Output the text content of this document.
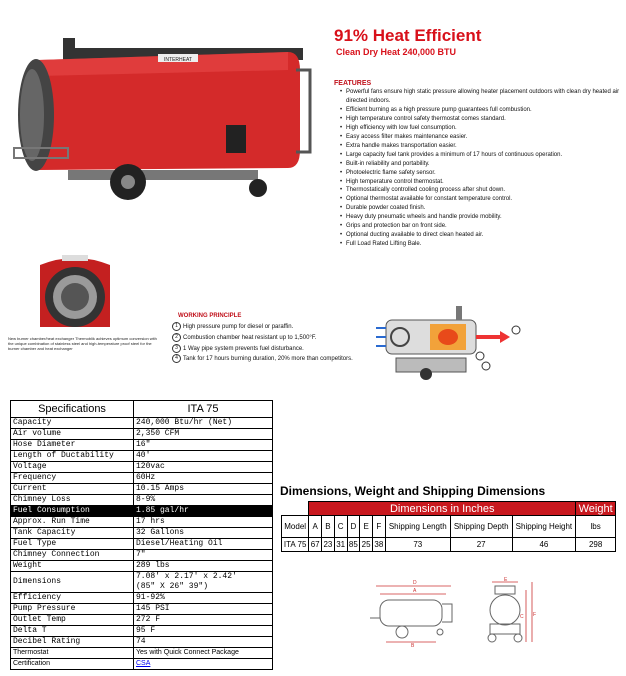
INTERHEAT
91% Heat Efficient
Clean Dry Heat 240,000 BTU
FEATURES
• Powerful fans ensure high static pressure allowing heater placement outdoors with clean dry heated air directed indoors.
• Efficient burning as a high pressure pump guarantees full combustion.
• High temperature control safety thermostat comes standard.
• High efficiency with low fuel consumption.
• Easy access filter makes maintenance easier.
• Extra handle makes transportation easier.
• Large capacity fuel tank provides a minimum of 17 hours of continuous operation.
• Built-in reliability and portability.
• Photoelectric flame safety sensor.
• High temperature control thermostat.
• Thermostatically controlled cooling process after shut down.
• Optional thermostat available for constant temperature control.
• Durable powder coated finish.
• Heavy duty pneumatic wheels and handle provide mobility.
• Grips and protection bar on front side.
• Optional ducting available to direct clean heated air.
• Full Load Rated Lifting Bale.
New burner chamber/heat exchanger Thermoblik achieves optimum conversion with the unique combination of stainless steel and high-temperature proof steel for the burner chamber and heat exchanger
WORKING PRINCIPLE
1 High pressure pump for diesel or paraffin.
2 Combustion chamber heat resistant up to 1,500°F.
3 1 Way pipe system prevents fuel disturbance.
4 Tank for 17 hours burning duration, 20% more than competitors.
Specifications	ITA 75
Capacity	240,000 Btu/hr (Net)
Air volume	2,350 CFM
Hose Diameter	16"
Length of Ductability	40'
Voltage	120vac
Frequency	60Hz
Current	10.15 Amps
Chimney Loss	8-9%
Fuel Consumption	1.85 gal/hr
Approx. Run Time	17 hrs
Tank Capacity	32 Gallons
Fuel Type	Diesel/Heating Oil
Chimney Connection	7"
Weight	289 lbs
Dimensions	7.08' x 2.17' x 2.42'
(85" X 26" 39")

Efficiency	91-92%
Pump Pressure	145 PSI
Outlet Temp	272 F
Delta T	95 F
Decibel Rating	74
Thermostat	Yes with Quick Connect Package
Certification	CSA
Dimensions, Weight and Shipping Dimensions
	Dimensions in Inches									Weight
Model	A	B	C	D	E	F	Shipping Length	Shipping Depth	Shipping Height	lbs
ITA 75	67	23	31	85	25	38	73	27	46	298
D
A
B
E
C F
